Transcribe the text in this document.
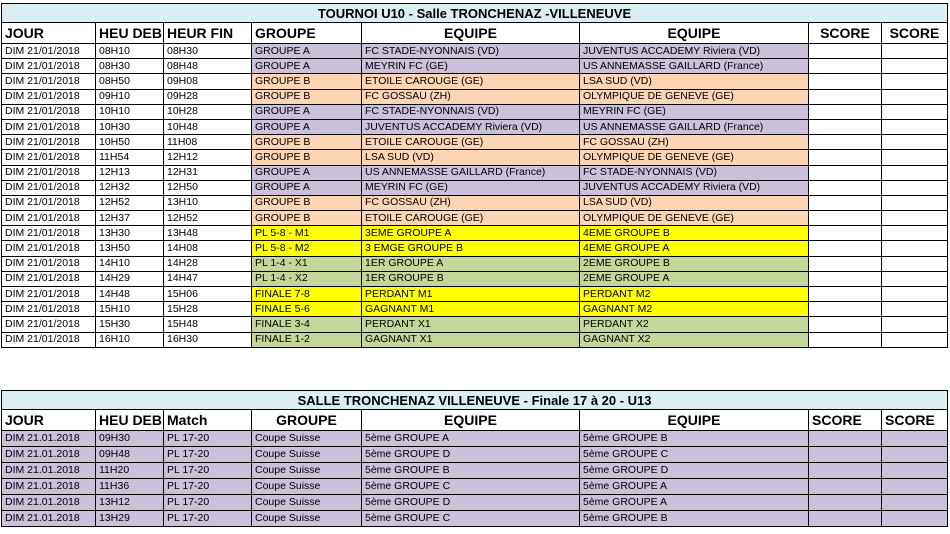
TOURNOI U10 - Salle TRONCHENAZ -VILLENEUVE							
JOUR	HEU DEB	HEUR FIN	GROUPE	EQUIPE	EQUIPE	SCORE	SCORE
DIM 21/01/2018	08H10	08H30	GROUPE A	FC STADE-NYONNAIS (VD)	JUVENTUS ACCADEMY Riviera (VD)		
DIM 21/01/2018	08H30	08H48	GROUPE A	MEYRIN FC (GE)	US ANNEMASSE GAILLARD (France)		
DIM 21/01/2018	08H50	09H08	GROUPE B	ETOILE CAROUGE (GE)	LSA SUD (VD)		
DIM 21/01/2018	09H10	09H28	GROUPE B	FC GOSSAU (ZH)	OLYMPIQUE DE GENEVE (GE)		
DIM 21/01/2018	10H10	10H28	GROUPE A	FC STADE-NYONNAIS (VD)	MEYRIN FC (GE)		
DIM 21/01/2018	10H30	10H48	GROUPE A	JUVENTUS ACCADEMY Riviera (VD)	US ANNEMASSE GAILLARD (France)		
DIM 21/01/2018	10H50	11H08	GROUPE B	ETOILE CAROUGE (GE)	FC GOSSAU (ZH)		
DIM 21/01/2018	11H54	12H12	GROUPE B	LSA SUD (VD)	OLYMPIQUE DE GENEVE (GE)		
DIM 21/01/2018	12H13	12H31	GROUPE A	US ANNEMASSE GAILLARD (France)	FC STADE-NYONNAIS (VD)		
DIM 21/01/2018	12H32	12H50	GROUPE A	MEYRIN FC (GE)	JUVENTUS ACCADEMY Riviera (VD)		
DIM 21/01/2018	12H52	13H10	GROUPE B	FC GOSSAU (ZH)	LSA SUD (VD)		
DIM 21/01/2018	12H37	12H52	GROUPE B	ETOILE CAROUGE (GE)	OLYMPIQUE DE GENEVE (GE)		
DIM 21/01/2018	13H30	13H48	PL 5-8 - M1	3EME GROUPE A	4EME GROUPE B		
DIM 21/01/2018	13H50	14H08	PL 5-8 - M2	3 EMGE GROUPE B	4EME GROUPE A		
DIM 21/01/2018	14H10	14H28	PL 1-4 - X1	1ER GROUPE A	2EME GROUPE B		
DIM 21/01/2018	14H29	14H47	PL 1-4 - X2	1ER GROUPE B	2EME GROUPE A		
DIM 21/01/2018	14H48	15H06	FINALE 7-8	PERDANT M1	PERDANT M2		
DIM 21/01/2018	15H10	15H28	FINALE 5-6	GAGNANT M1	GAGNANT M2		
DIM 21/01/2018	15H30	15H48	FINALE 3-4	PERDANT X1	PERDANT X2		
DIM 21/01/2018	16H10	16H30	FINALE 1-2	GAGNANT X1	GAGNANT X2		
SALLE TRONCHENAZ VILLENEUVE - Finale 17 à 20 - U13							
JOUR	HEU DEB	Match	GROUPE	EQUIPE	EQUIPE	SCORE	SCORE
DIM 21.01.2018	09H30	PL 17-20	Coupe Suisse	5ème GROUPE A	5ème GROUPE B		
DIM 21.01.2018	09H48	PL 17-20	Coupe Suisse	5ème GROUPE D	5ème GROUPE C		
DIM 21.01.2018	11H20	PL 17-20	Coupe Suisse	5ème GROUPE B	5ème GROUPE D		
DIM 21.01.2018	11H36	PL 17-20	Coupe Suisse	5ème GROUPE C	5ème GROUPE A		
DIM 21.01.2018	13H12	PL 17-20	Coupe Suisse	5ème GROUPE D	5ème GROUPE A		
DIM 21.01.2018	13H29	PL 17-20	Coupe Suisse	5ème GROUPE C	5ème GROUPE B		
